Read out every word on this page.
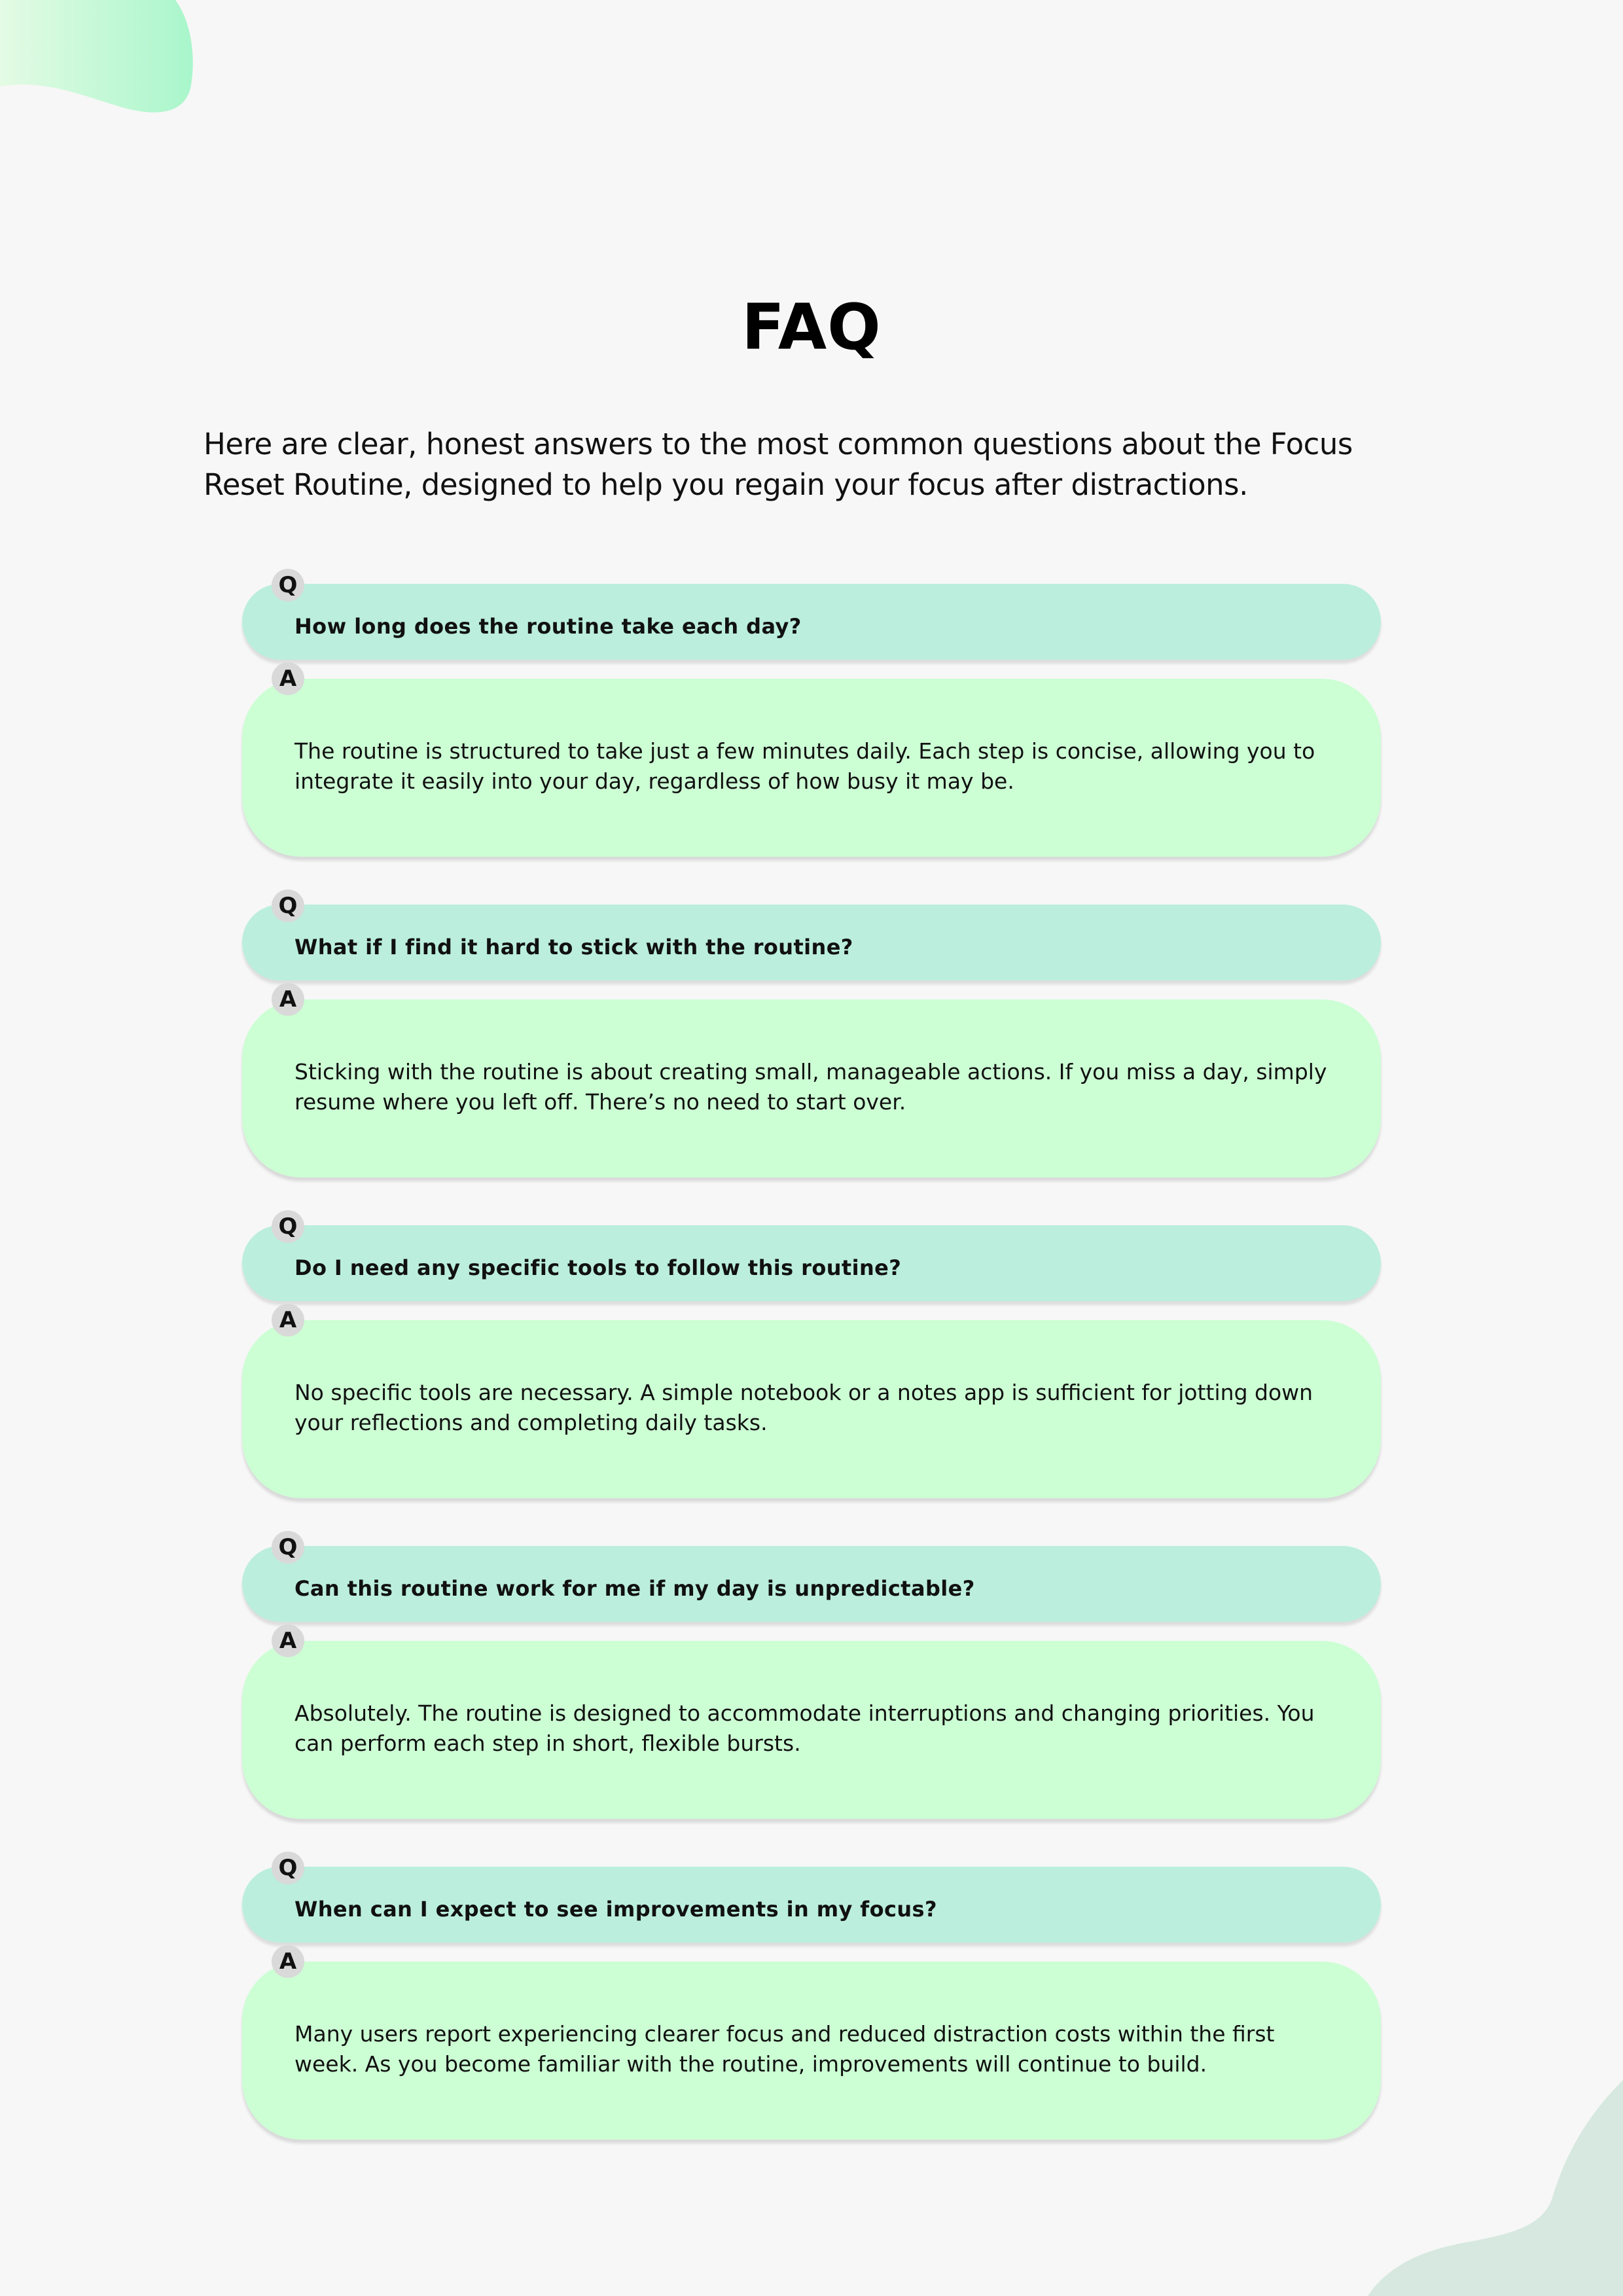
FAQ

Here are clear, honest answers to the most common questions about the Focus Reset Routine, designed to help you regain your focus after distractions.

Q
How long does the routine take each day?
A
The routine is structured to take just a few minutes daily. Each step is concise, allowing you to integrate it easily into your day, regardless of how busy it may be.
Q
What if I find it hard to stick with the routine?
A
Sticking with the routine is about creating small, manageable actions. If you miss a day, simply resume where you left off. There’s no need to start over.
Q
Do I need any specific tools to follow this routine?
A
No specific tools are necessary. A simple notebook or a notes app is sufficient for jotting down your reflections and completing daily tasks.
Q
Can this routine work for me if my day is unpredictable?
A
Absolutely. The routine is designed to accommodate interruptions and changing priorities. You can perform each step in short, flexible bursts.
Q
When can I expect to see improvements in my focus?
A
Many users report experiencing clearer focus and reduced distraction costs within the first week. As you become familiar with the routine, improvements will continue to build.
